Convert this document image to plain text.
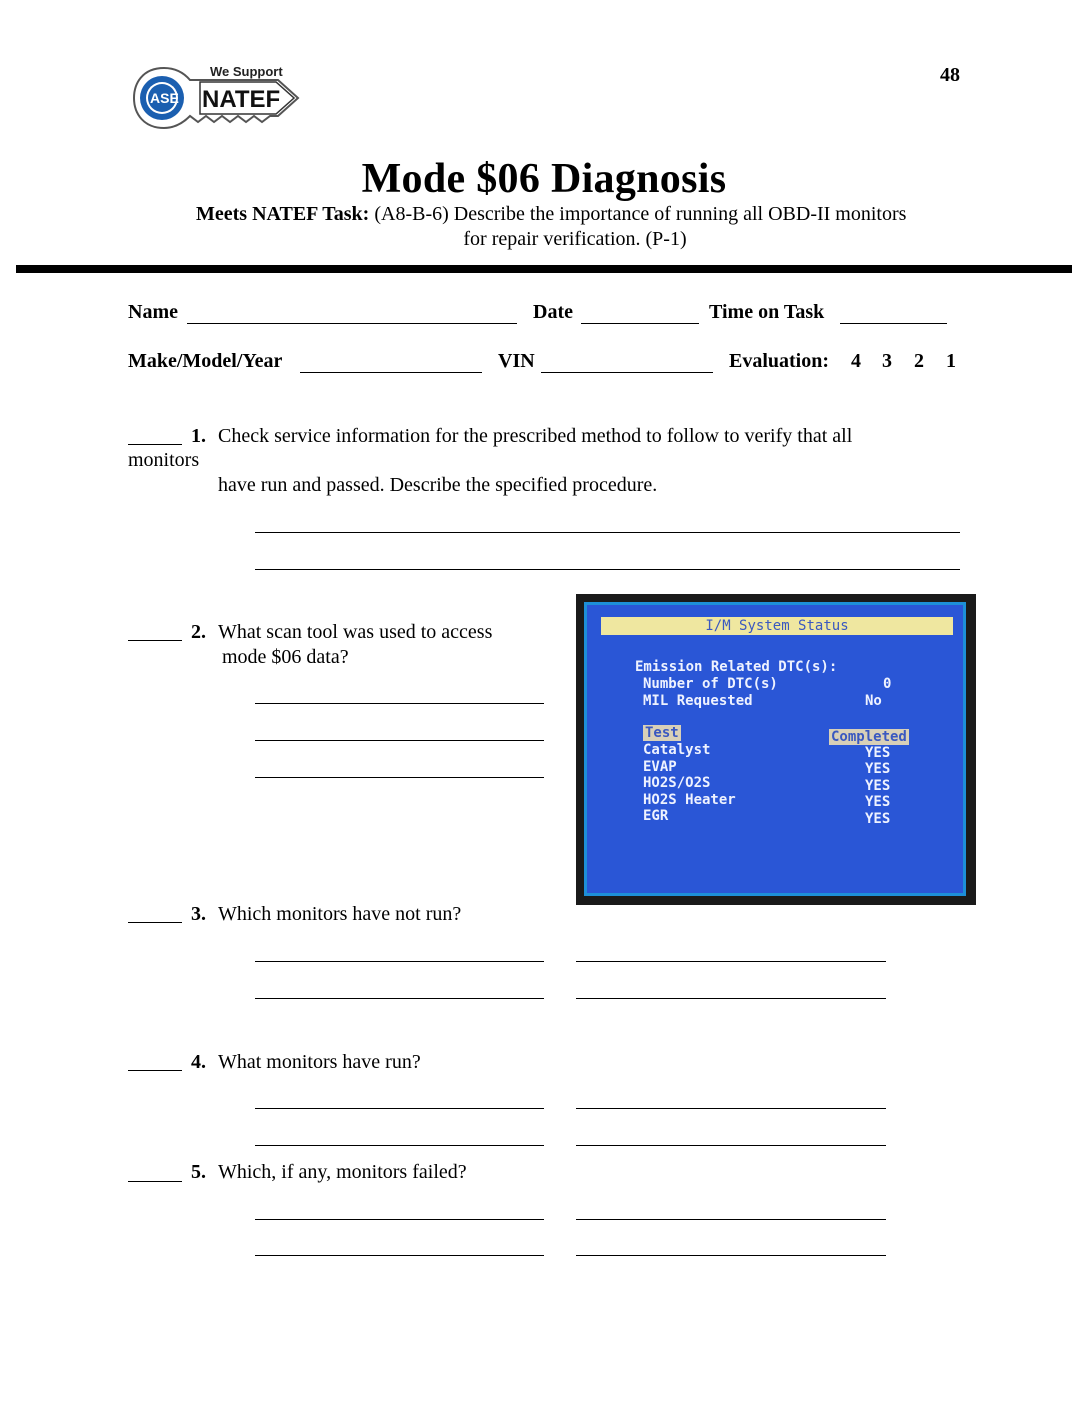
We Support
NATEF
ASE
48
Mode $06 Diagnosis
Meets NATEF Task: (A8-B-6) Describe the importance of running all OBD-II monitors
for repair verification. (P-1)
Name	Date	Time on Task
Make/Model/Year	VIN	Evaluation: 4 3 2 1
1. Check service information for the prescribed method to follow to verify that all
monitors
have run and passed. Describe the specified procedure.
2. What scan tool was used to access
mode $06 data?
I/M System Status
Emission Related DTC(s):
Number of DTC(s)	0
MIL Requested	No
Test	Completed
Catalyst	YES
EVAP	YES
HO2S/O2S	YES
HO2S Heater	YES
EGR	YES
3. Which monitors have not run?
4. What monitors have run?
5. Which, if any, monitors failed?
